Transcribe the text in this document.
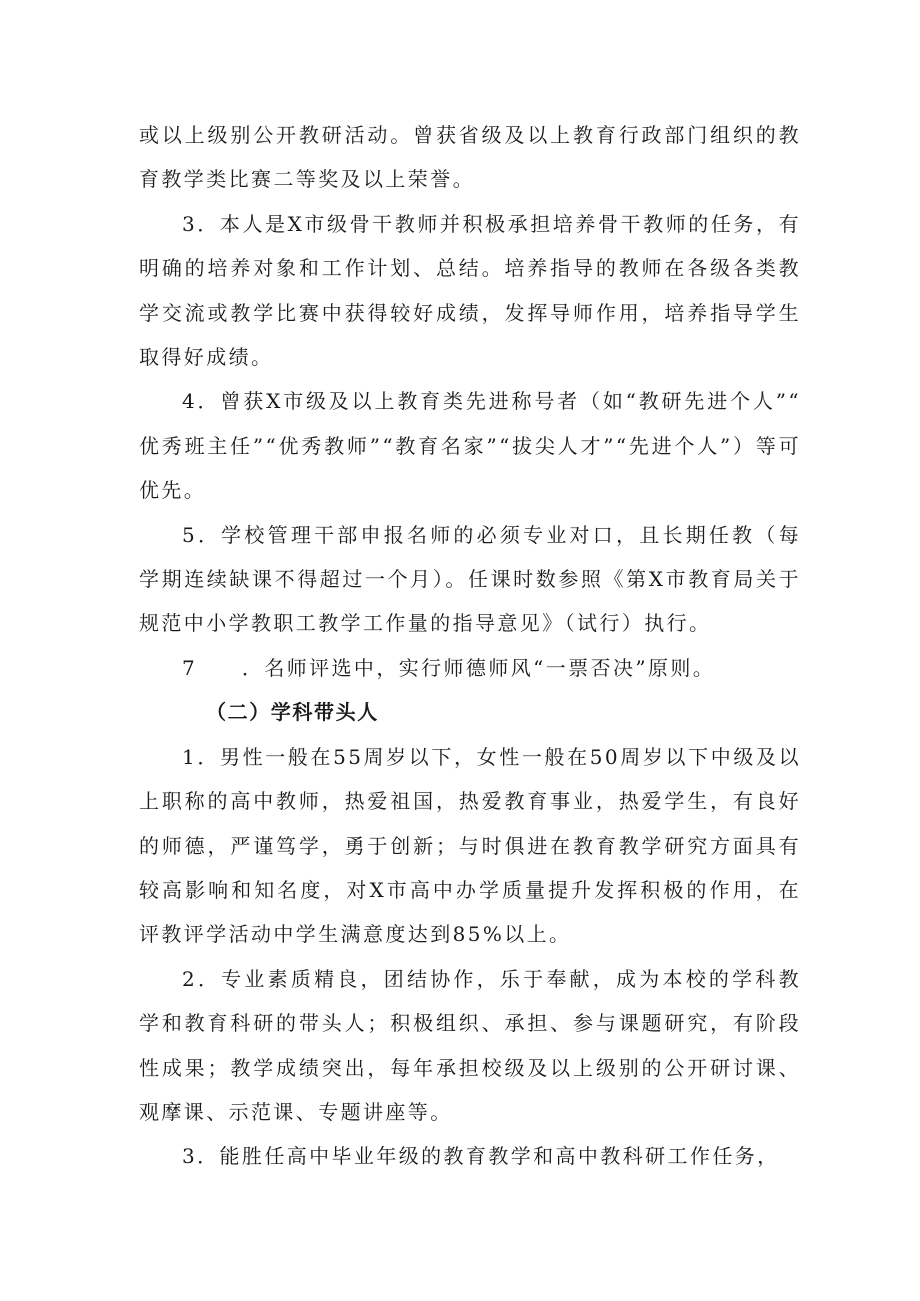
或以上级别公开教研活动。曾获省级及以上教育行政部门组织的教育教学类比赛二等奖及以上荣誉。

3．本人是X市级骨干教师并积极承担培养骨干教师的任务，有明确的培养对象和工作计划、总结。培养指导的教师在各级各类教学交流或教学比赛中获得较好成绩，发挥导师作用，培养指导学生取得好成绩。

4．曾获X市级及以上教育类先进称号者（如“教研先进个人”“优秀班主任”“优秀教师”“教育名家”“拔尖人才”“先进个人”）等可优先。

5．学校管理干部申报名师的必须专业对口，且长期任教（每学期连续缺课不得超过一个月）。任课时数参照《第X市教育局关于规范中小学教职工教学工作量的指导意见》（试行）执行。

7　　．名师评选中，实行师德师风“一票否决”原则。

（二）学科带头人

1．男性一般在55周岁以下，女性一般在50周岁以下中级及以上职称的高中教师，热爱祖国，热爱教育事业，热爱学生，有良好的师德，严谨笃学，勇于创新；与时俱进在教育教学研究方面具有较高影响和知名度，对X市高中办学质量提升发挥积极的作用，在评教评学活动中学生满意度达到85%以上。

2．专业素质精良，团结协作，乐于奉献，成为本校的学科教学和教育科研的带头人；积极组织、承担、参与课题研究，有阶段性成果；教学成绩突出，每年承担校级及以上级别的公开研讨课、观摩课、示范课、专题讲座等。

3．能胜任高中毕业年级的教育教学和高中教科研工作任务，
